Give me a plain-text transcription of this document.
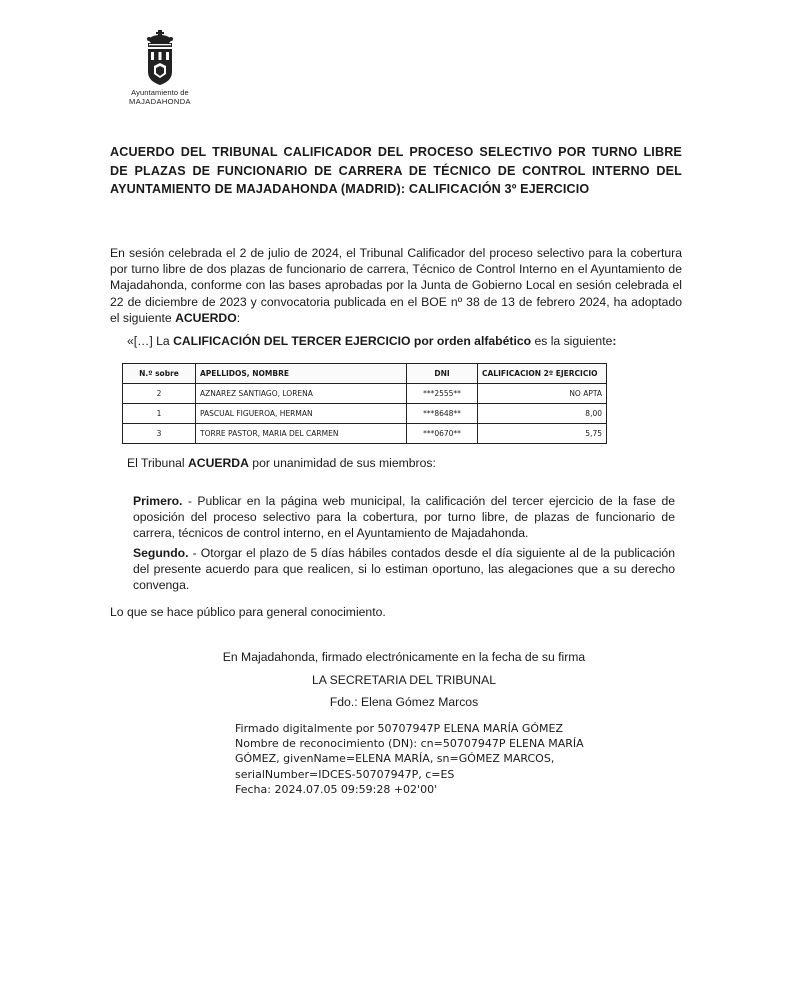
Ayuntamiento de
MAJADAHONDA
ACUERDO DEL TRIBUNAL CALIFICADOR DEL PROCESO SELECTIVO POR TURNO LIBRE DE PLAZAS DE FUNCIONARIO DE CARRERA DE TÉCNICO DE CONTROL INTERNO DEL AYUNTAMIENTO DE MAJADAHONDA (MADRID): CALIFICACIÓN 3º EJERCICIO
En sesión celebrada el 2 de julio de 2024, el Tribunal Calificador del proceso selectivo para la cobertura por turno libre de dos plazas de funcionario de carrera, Técnico de Control Interno en el Ayuntamiento de Majadahonda, conforme con las bases aprobadas por la Junta de Gobierno Local en sesión celebrada el 22 de diciembre de 2023 y convocatoria publicada en el BOE nº 38 de 13 de febrero 2024, ha adoptado el siguiente ACUERDO:
«[…] La CALIFICACIÓN DEL TERCER EJERCICIO por orden alfabético es la siguiente:
N.º sobre	APELLIDOS, NOMBRE	DNI	CALIFICACION 2º EJERCICIO
2	AZNAREZ SANTIAGO, LORENA	***2555**	NO APTA
1	PASCUAL FIGUEROA, HERMAN	***8648**	8,00
3	TORRE PASTOR, MARIA DEL CARMEN	***0670**	5,75
El Tribunal ACUERDA por unanimidad de sus miembros:
Primero. - Publicar en la página web municipal, la calificación del tercer ejercicio de la fase de oposición del proceso selectivo para la cobertura, por turno libre, de plazas de funcionario de carrera, técnicos de control interno, en el Ayuntamiento de Majadahonda.
Segundo. - Otorgar el plazo de 5 días hábiles contados desde el día siguiente al de la publicación del presente acuerdo para que realicen, si lo estiman oportuno, las alegaciones que a su derecho convenga.
Lo que se hace público para general conocimiento.
En Majadahonda, firmado electrónicamente en la fecha de su firma
LA SECRETARIA DEL TRIBUNAL
Fdo.: Elena Gómez Marcos
Firmado digitalmente por 50707947P ELENA MARÍA GÓMEZ
Nombre de reconocimiento (DN): cn=50707947P ELENA MARÍA
GÓMEZ, givenName=ELENA MARÍA, sn=GÓMEZ MARCOS,
serialNumber=IDCES-50707947P, c=ES
Fecha: 2024.07.05 09:59:28 +02'00'
